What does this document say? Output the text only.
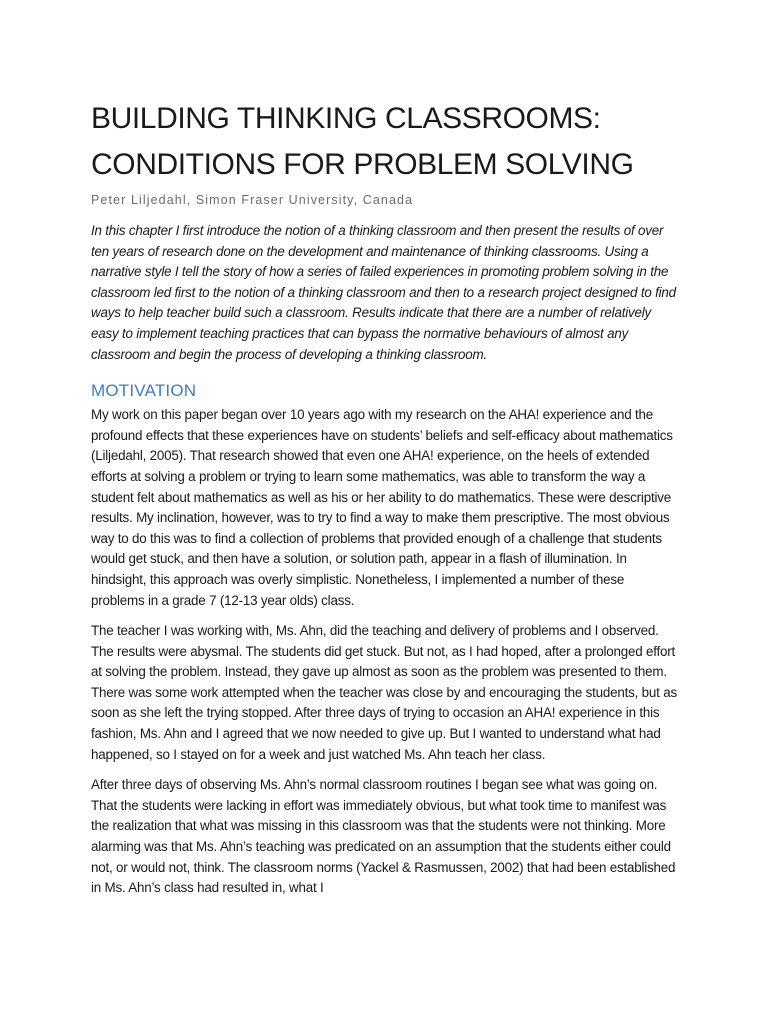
BUILDING THINKING CLASSROOMS:
CONDITIONS FOR PROBLEM SOLVING
Peter Liljedahl, Simon Fraser University, Canada

In this chapter I first introduce the notion of a thinking classroom and then present the results of over ten years of research done on the development and maintenance of thinking classrooms. Using a narrative style I tell the story of how a series of failed experiences in promoting problem solving in the classroom led first to the notion of a thinking classroom and then to a research project designed to find ways to help teacher build such a classroom. Results indicate that there are a number of relatively easy to implement teaching practices that can bypass the normative behaviours of almost any classroom and begin the process of developing a thinking classroom.

MOTIVATION

My work on this paper began over 10 years ago with my research on the AHA! experience and the profound effects that these experiences have on students’ beliefs and self-efficacy about mathematics (Liljedahl, 2005). That research showed that even one AHA! experience, on the heels of extended efforts at solving a problem or trying to learn some mathematics, was able to transform the way a student felt about mathematics as well as his or her ability to do mathematics. These were descriptive results. My inclination, however, was to try to find a way to make them prescriptive. The most obvious way to do this was to find a collection of problems that provided enough of a challenge that students would get stuck, and then have a solution, or solution path, appear in a flash of illumination. In hindsight, this approach was overly simplistic. Nonetheless, I implemented a number of these problems in a grade 7 (12-13 year olds) class.

The teacher I was working with, Ms. Ahn, did the teaching and delivery of problems and I observed. The results were abysmal. The students did get stuck. But not, as I had hoped, after a prolonged effort at solving the problem. Instead, they gave up almost as soon as the problem was presented to them. There was some work attempted when the teacher was close by and encouraging the students, but as soon as she left the trying stopped. After three days of trying to occasion an AHA! experience in this fashion, Ms. Ahn and I agreed that we now needed to give up. But I wanted to understand what had happened, so I stayed on for a week and just watched Ms. Ahn teach her class.

After three days of observing Ms. Ahn’s normal classroom routines I began see what was going on. That the students were lacking in effort was immediately obvious, but what took time to manifest was the realization that what was missing in this classroom was that the students were not thinking. More alarming was that Ms. Ahn’s teaching was predicated on an assumption that the students either could not, or would not, think. The classroom norms (Yackel & Rasmussen, 2002) that had been established in Ms. Ahn’s class had resulted in, what I
